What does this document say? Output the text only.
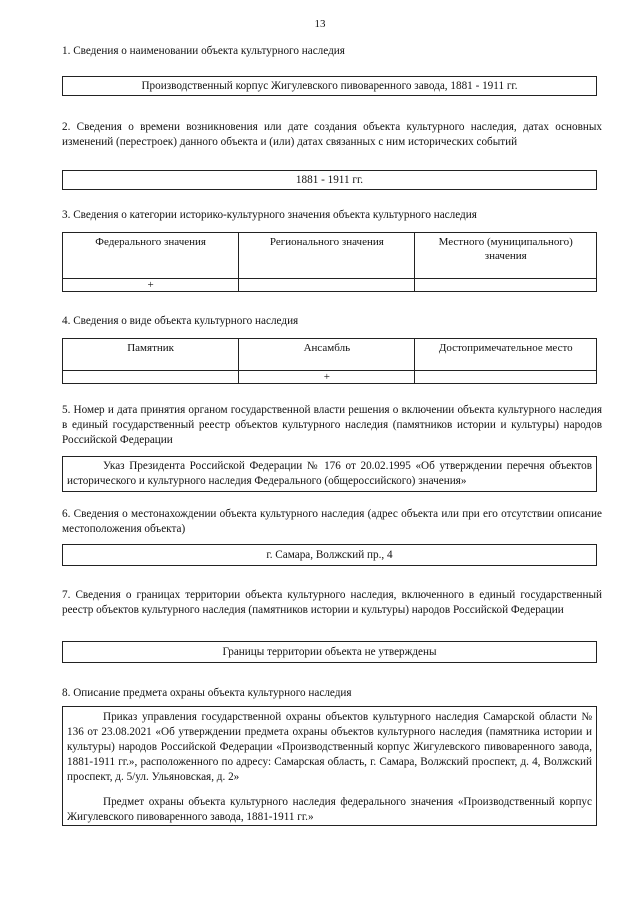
13
1. Сведения о наименовании объекта культурного наследия
Производственный корпус Жигулевского пивоваренного завода, 1881 - 1911 гг.
2. Сведения о времени возникновения или дате создания объекта культурного наследия, датах основных изменений (перестроек) данного объекта и (или) датах связанных с ним исторических событий
1881 - 1911 гг.
3. Сведения о категории историко-культурного значения объекта культурного наследия
Федерального значения	Регионального значения	Местного (муниципального) значения
+		
4. Сведения о виде объекта культурного наследия
Памятник	Ансамбль	Достопримечательное место
	+	
5. Номер и дата принятия органом государственной власти решения о включении объекта культурного наследия в единый государственный реестр объектов культурного наследия (памятников истории и культуры) народов Российской Федерации

Указ Президента Российской Федерации № 176 от 20.02.1995 «Об утверждении перечня объектов исторического и культурного наследия Федерального (общероссийского) значения»

6. Сведения о местонахождении объекта культурного наследия (адрес объекта или при его отсутствии описание местоположения объекта)
г. Самара, Волжский пр., 4
7. Сведения о границах территории объекта культурного наследия, включенного в единый государственный реестр объектов культурного наследия (памятников истории и культуры) народов Российской Федерации
Границы территории объекта не утверждены
8. Описание предмета охраны объекта культурного наследия

Приказ управления государственной охраны объектов культурного наследия Самарской области № 136 от 23.08.2021 «Об утверждении предмета охраны объектов культурного наследия (памятника истории и культуры) народов Российской Федерации «Производственный корпус Жигулевского пивоваренного завода, 1881-1911 гг.», расположенного по адресу: Самарская область, г. Самара, Волжский проспект, д. 4, Волжский проспект, д. 5/ул. Ульяновская, д. 2»

Предмет охраны объекта культурного наследия федерального значения «Производственный корпус Жигулевского пивоваренного завода, 1881-1911 гг.»
